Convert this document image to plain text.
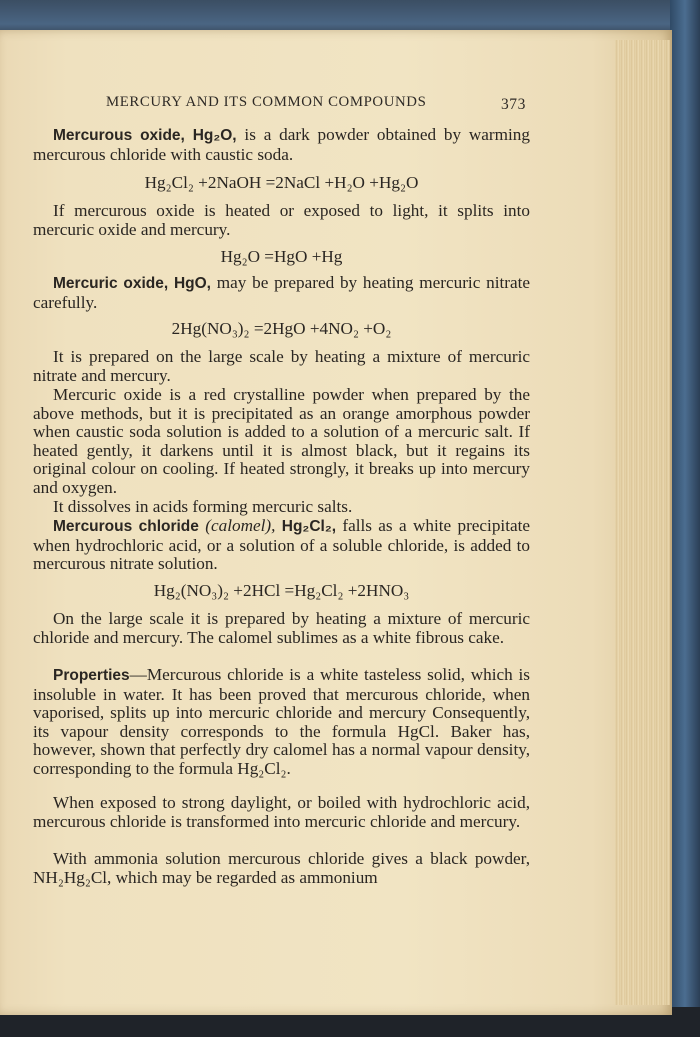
MERCURY AND ITS COMMON COMPOUNDS	373

Mercurous oxide, Hg₂O, is a dark powder obtained by warming mercurous chloride with caustic soda.

Hg₂Cl₂ +2NaOH =2NaCl +H₂O +Hg₂O

If mercurous oxide is heated or exposed to light, it splits into mercuric oxide and mercury.

Hg₂O =HgO +Hg

Mercuric oxide, HgO, may be prepared by heating mercuric nitrate carefully.

2Hg(NO₃)₂ =2HgO +4NO₂ +O₂

It is prepared on the large scale by heating a mixture of mercuric nitrate and mercury.

Mercuric oxide is a red crystalline powder when prepared by the above methods, but it is precipitated as an orange amorphous powder when caustic soda solution is added to a solution of a mercuric salt. If heated gently, it darkens until it is almost black, but it regains its original colour on cooling. If heated strongly, it breaks up into mercury and oxygen.

It dissolves in acids forming mercuric salts.

Mercurous chloride (calomel), Hg₂Cl₂, falls as a white precipitate when hydrochloric acid, or a solution of a soluble chloride, is added to mercurous nitrate solution.

Hg₂(NO₃)₂ +2HCl =Hg₂Cl₂ +2HNO₃

On the large scale it is prepared by heating a mixture of mercuric chloride and mercury. The calomel sublimes as a white fibrous cake.

Properties—Mercurous chloride is a white tasteless solid, which is insoluble in water. It has been proved that mercurous chloride, when vaporised, splits up into mercuric chloride and mercury Consequently, its vapour density corresponds to the formula HgCl. Baker has, however, shown that perfectly dry calomel has a normal vapour density, corresponding to the formula Hg₂Cl₂.

When exposed to strong daylight, or boiled with hydrochloric acid, mercurous chloride is transformed into mercuric chloride and mercury.

With ammonia solution mercurous chloride gives a black powder, NH₂Hg₂Cl, which may be regarded as ammonium
